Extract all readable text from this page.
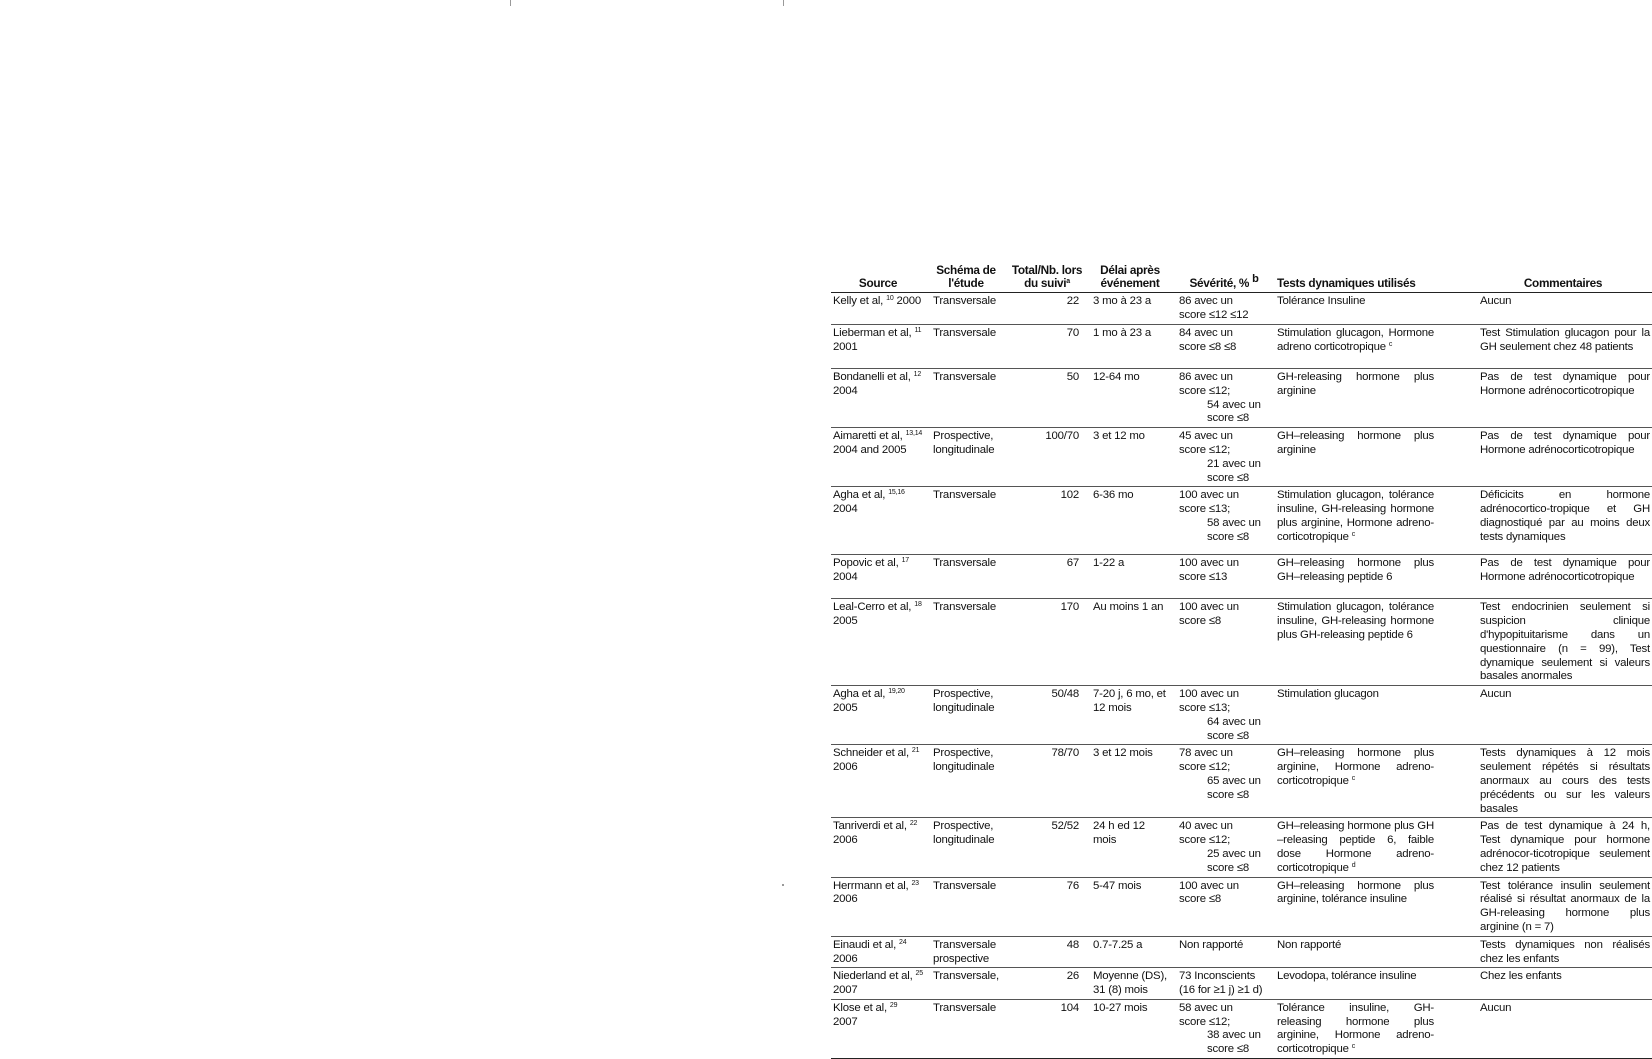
Source	Schéma de l'étude	Total/Nb. lors du suivi$^a$	Délai après événement	Sévérité, % $^b$	Tests dynamiques utilisés	Commentaires
Kelly et al, $^{10}$ 2000	Transversale	22	3 mo à 23 a	86 avec un
score ≤12 ≤12	Tolérance Insuline	Aucun
Lieberman et al, $^{11}$ 2001	Transversale	70	1 mo à 23 a	84 avec un
score ≤8 ≤8	Stimulation glucagon, Hormone adreno corticotropique $^c$	Test Stimulation glucagon pour la GH seulement chez 48 patients
Bondanelli et al, $^{12}$ 2004	Transversale	50	12-64 mo	86 avec un
score ≤12;
54 avec un
score ≤8	GH-releasing hormone plus arginine	Pas de test dynamique pour Hormone adrénocorticotropique
Aimaretti et al, $^{13,14}$ 2004 and 2005	Prospective, longitudinale	100/70	3 et 12 mo	45 avec un
score ≤12;
21 avec un
score ≤8	GH–releasing hormone plus arginine	Pas de test dynamique pour Hormone adrénocorticotropique
Agha et al, $^{15,16}$ 2004	Transversale	102	6-36 mo	100 avec un
score ≤13;
58 avec un
score ≤8	Stimulation glucagon, tolérance insuline, GH-releasing hormone plus arginine, Hormone adreno-corticotropique $^c$	Déficicits en hormone adrénocortico-tropique et GH diagnostiqué par au moins deux tests dynamiques
Popovic et al, $^{17}$ 2004	Transversale	67	1-22 a	100 avec un
score ≤13	GH–releasing hormone plus GH–releasing peptide 6	Pas de test dynamique pour Hormone adrénocorticotropique
Leal-Cerro et al, $^{18}$ 2005	Transversale	170	Au moins 1 an	100 avec un
score ≤8	Stimulation glucagon, tolérance insuline, GH-releasing hormone plus GH-releasing peptide 6	Test endocrinien seulement si suspicion clinique d'hypopituitarisme dans un questionnaire (n = 99), Test dynamique seulement si valeurs basales anormales
Agha et al, $^{19,20}$ 2005	Prospective, longitudinale	50/48	7-20 j, 6 mo, et 12 mois	100 avec un
score ≤13;
64 avec un
score ≤8	Stimulation glucagon	Aucun
Schneider et al, $^{21}$ 2006	Prospective, longitudinale	78/70	3 et 12 mois	78 avec un
score ≤12;
65 avec un
score ≤8	GH–releasing hormone plus arginine, Hormone adreno-corticotropique $^c$	Tests dynamiques à 12 mois seulement répétés si résultats anormaux au cours des tests précédents ou sur les valeurs basales
Tanriverdi et al, $^{22}$ 2006	Prospective, longitudinale	52/52	24 h ed 12 mois	40 avec un
score ≤12;
25 avec un
score ≤8	GH–releasing hormone plus GH –releasing peptide 6, faible dose Hormone adreno-corticotropique $^d$	Pas de test dynamique à 24 h, Test dynamique pour hormone adrénocor-ticotropique seulement chez 12 patients
Herrmann et al, $^{23}$ 2006	Transversale	76	5-47 mois	100 avec un
score ≤8	GH–releasing hormone plus arginine, tolérance insuline	Test tolérance insulin seulement réalisé si résultat anormaux de la GH-releasing hormone plus arginine (n = 7)
Einaudi et al, $^{24}$ 2006	Transversale prospective	48	0.7-7.25 a	Non rapporté	Non rapporté	Tests dynamiques non réalisés chez les enfants
Niederland et al, $^{25}$ 2007	Transversale,	26	Moyenne (DS), 31 (8) mois	73 Inconscients
(16 for ≥1 j) ≥1 d)	Levodopa, tolérance insuline	Chez les enfants
Klose et al, $^{29}$ 2007	Transversale	104	10-27 mois	58 avec un
score ≤12;
38 avec un
score ≤8	Tolérance insuline, GH-releasing hormone plus arginine, Hormone adreno-corticotropique $^c$	Aucun
